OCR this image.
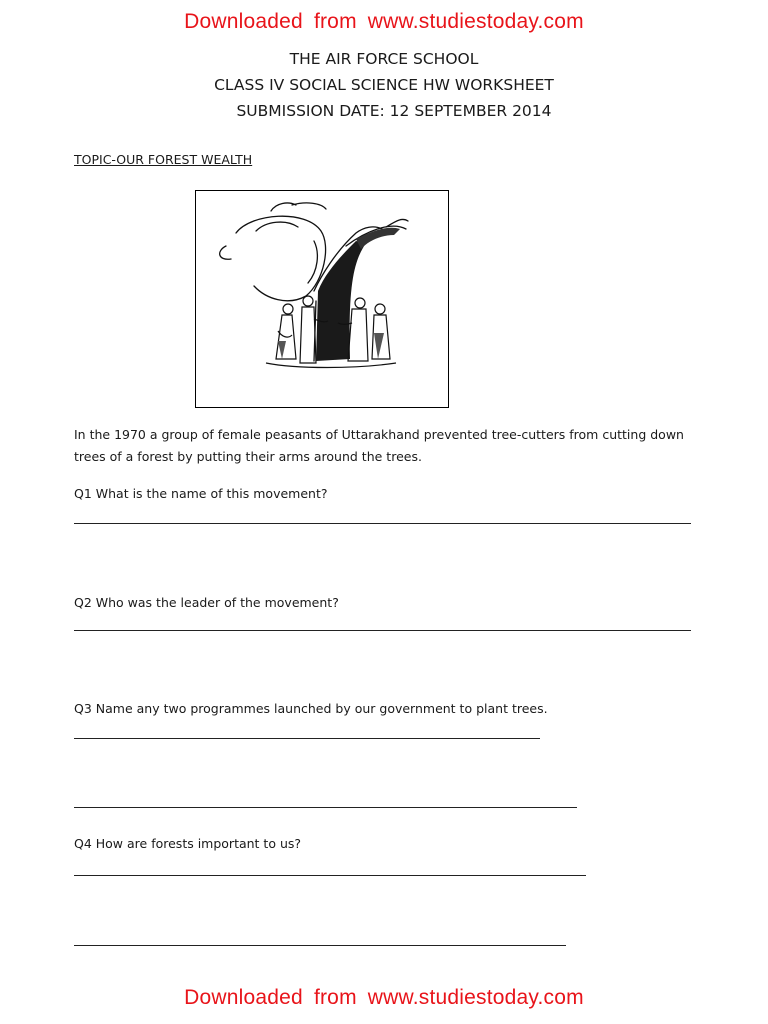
Downloaded from www.studiestoday.com
THE AIR FORCE SCHOOL
CLASS IV SOCIAL SCIENCE HW WORKSHEET
SUBMISSION DATE: 12 SEPTEMBER 2014
TOPIC-OUR FOREST WEALTH
In the 1970 a group of female peasants of Uttarakhand prevented tree-cutters from cutting down trees of a forest by putting their arms around the trees.
Q1 What is the name of this movement?
Q2 Who was the leader of the movement?
Q3 Name any two programmes launched by our government to plant trees.
Q4 How are forests important to us?
Downloaded from www.studiestoday.com
